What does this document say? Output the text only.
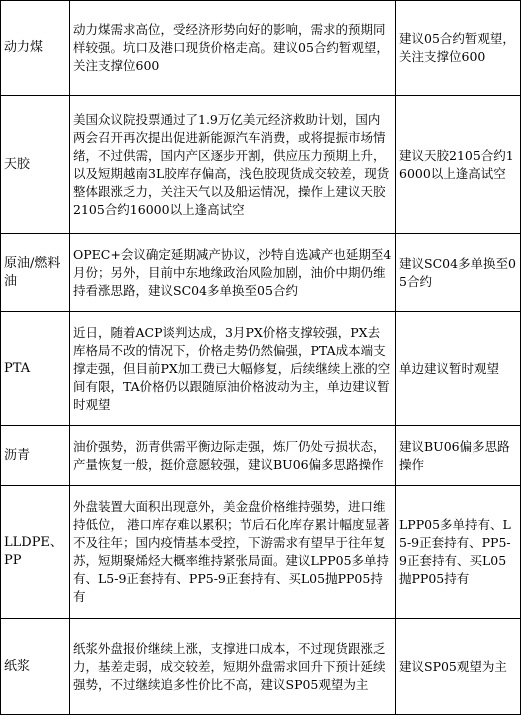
动力煤	动力煤需求高位，受经济形势向好的影响，需求的预期同样较强。坑口及港口现货价格走高。建议05合约暂观望，关注支撑位600	建议05合约暂观望，关注支撑位600
天胶	美国众议院投票通过了1.9万亿美元经济救助计划，国内两会召开再次提出促进新能源汽车消费，或将提振市场情绪，不过供需，国内产区逐步开割，供应压力预期上升，以及短期越南3L胶库存偏高，浅色胶现货成交较差，现货整体跟涨乏力，关注天气以及船运情况，操作上建议天胶2105合约16000以上逢高试空	建议天胶2105合约16000以上逢高试空
原油/燃料油	OPEC+会议确定延期减产协议，沙特自选减产也延期至4月份；另外，目前中东地缘政治风险加剧，油价中期仍维持看涨思路，建议SC04多单换至05合约	建议SC04多单换至05合约
PTA	近日，随着ACP谈判达成，3月PX价格支撑较强，PX去库格局不改的情况下，价格走势仍然偏强，PTA成本端支撑走强，但目前PX加工费已大幅修复，后续继续上涨的空间有限，TA价格仍以跟随原油价格波动为主，单边建议暂时观望	单边建议暂时观望
沥青	油价强势，沥青供需平衡边际走强，炼厂仍处亏损状态，产量恢复一般，挺价意愿较强，建议BU06偏多思路操作	建议BU06偏多思路操作
LLDPE、PP	外盘装置大面积出现意外，美金盘价格维持强势，进口维持低位， 港口库存难以累积；节后石化库存累计幅度显著不及往年；国内疫情基本受控，下游需求有望早于往年复苏，短期聚烯烃大概率维持紧张局面。建议LPP05多单持有、L5-9正套持有、PP5-9正套持有、买L05抛PP05持有	LPP05多单持有、L5-9正套持有、PP5-9正套持有、买L05抛PP05持有
纸浆	纸浆外盘报价继续上涨，支撑进口成本，不过现货跟涨乏力，基差走弱，成交较差，短期外盘需求回升下预计延续强势，不过继续追多性价比不高，建议SP05观望为主	建议SP05观望为主
